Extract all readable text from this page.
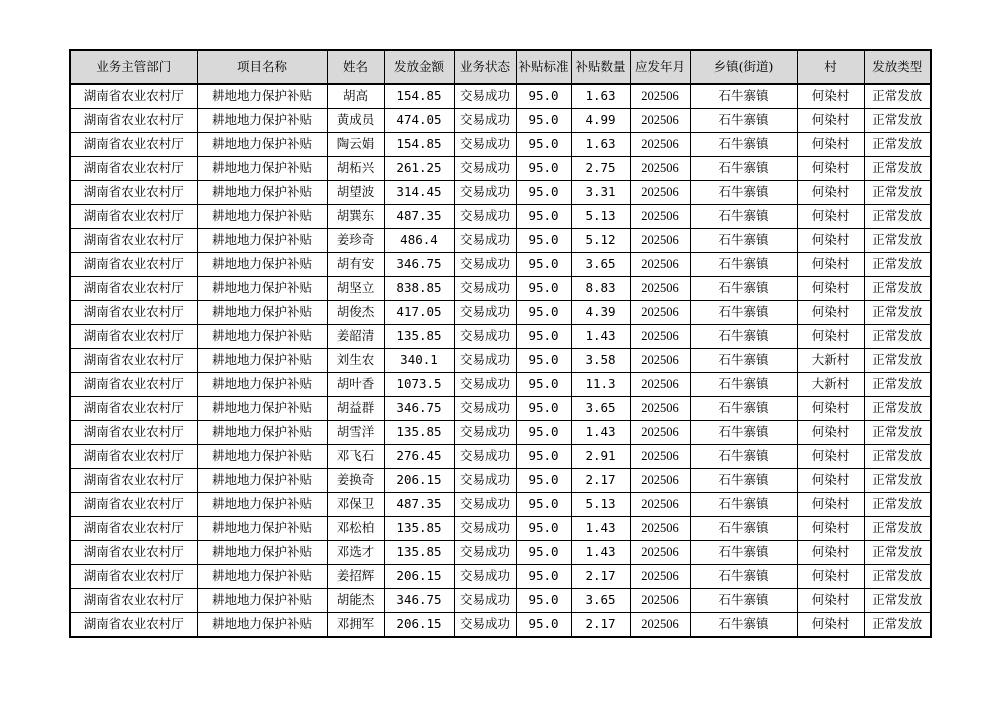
业务主管部门	项目名称	姓名	发放金额	业务状态	补贴标准	补贴数量	应发年月	乡镇(街道)	村	发放类型
湖南省农业农村厅	耕地地力保护补贴	胡高	154.85	交易成功	95.0	1.63	202506	石牛寨镇	何染村	正常发放
湖南省农业农村厅	耕地地力保护补贴	黄成员	474.05	交易成功	95.0	4.99	202506	石牛寨镇	何染村	正常发放
湖南省农业农村厅	耕地地力保护补贴	陶云娟	154.85	交易成功	95.0	1.63	202506	石牛寨镇	何染村	正常发放
湖南省农业农村厅	耕地地力保护补贴	胡柘兴	261.25	交易成功	95.0	2.75	202506	石牛寨镇	何染村	正常发放
湖南省农业农村厅	耕地地力保护补贴	胡望波	314.45	交易成功	95.0	3.31	202506	石牛寨镇	何染村	正常发放
湖南省农业农村厅	耕地地力保护补贴	胡巽东	487.35	交易成功	95.0	5.13	202506	石牛寨镇	何染村	正常发放
湖南省农业农村厅	耕地地力保护补贴	姜珍奇	486.4	交易成功	95.0	5.12	202506	石牛寨镇	何染村	正常发放
湖南省农业农村厅	耕地地力保护补贴	胡有安	346.75	交易成功	95.0	3.65	202506	石牛寨镇	何染村	正常发放
湖南省农业农村厅	耕地地力保护补贴	胡坚立	838.85	交易成功	95.0	8.83	202506	石牛寨镇	何染村	正常发放
湖南省农业农村厅	耕地地力保护补贴	胡俊杰	417.05	交易成功	95.0	4.39	202506	石牛寨镇	何染村	正常发放
湖南省农业农村厅	耕地地力保护补贴	姜韶清	135.85	交易成功	95.0	1.43	202506	石牛寨镇	何染村	正常发放
湖南省农业农村厅	耕地地力保护补贴	刘生农	340.1	交易成功	95.0	3.58	202506	石牛寨镇	大新村	正常发放
湖南省农业农村厅	耕地地力保护补贴	胡叶香	1073.5	交易成功	95.0	11.3	202506	石牛寨镇	大新村	正常发放
湖南省农业农村厅	耕地地力保护补贴	胡益群	346.75	交易成功	95.0	3.65	202506	石牛寨镇	何染村	正常发放
湖南省农业农村厅	耕地地力保护补贴	胡雪洋	135.85	交易成功	95.0	1.43	202506	石牛寨镇	何染村	正常发放
湖南省农业农村厅	耕地地力保护补贴	邓飞石	276.45	交易成功	95.0	2.91	202506	石牛寨镇	何染村	正常发放
湖南省农业农村厅	耕地地力保护补贴	姜换奇	206.15	交易成功	95.0	2.17	202506	石牛寨镇	何染村	正常发放
湖南省农业农村厅	耕地地力保护补贴	邓保卫	487.35	交易成功	95.0	5.13	202506	石牛寨镇	何染村	正常发放
湖南省农业农村厅	耕地地力保护补贴	邓松柏	135.85	交易成功	95.0	1.43	202506	石牛寨镇	何染村	正常发放
湖南省农业农村厅	耕地地力保护补贴	邓选才	135.85	交易成功	95.0	1.43	202506	石牛寨镇	何染村	正常发放
湖南省农业农村厅	耕地地力保护补贴	姜招辉	206.15	交易成功	95.0	2.17	202506	石牛寨镇	何染村	正常发放
湖南省农业农村厅	耕地地力保护补贴	胡能杰	346.75	交易成功	95.0	3.65	202506	石牛寨镇	何染村	正常发放
湖南省农业农村厅	耕地地力保护补贴	邓拥军	206.15	交易成功	95.0	2.17	202506	石牛寨镇	何染村	正常发放
